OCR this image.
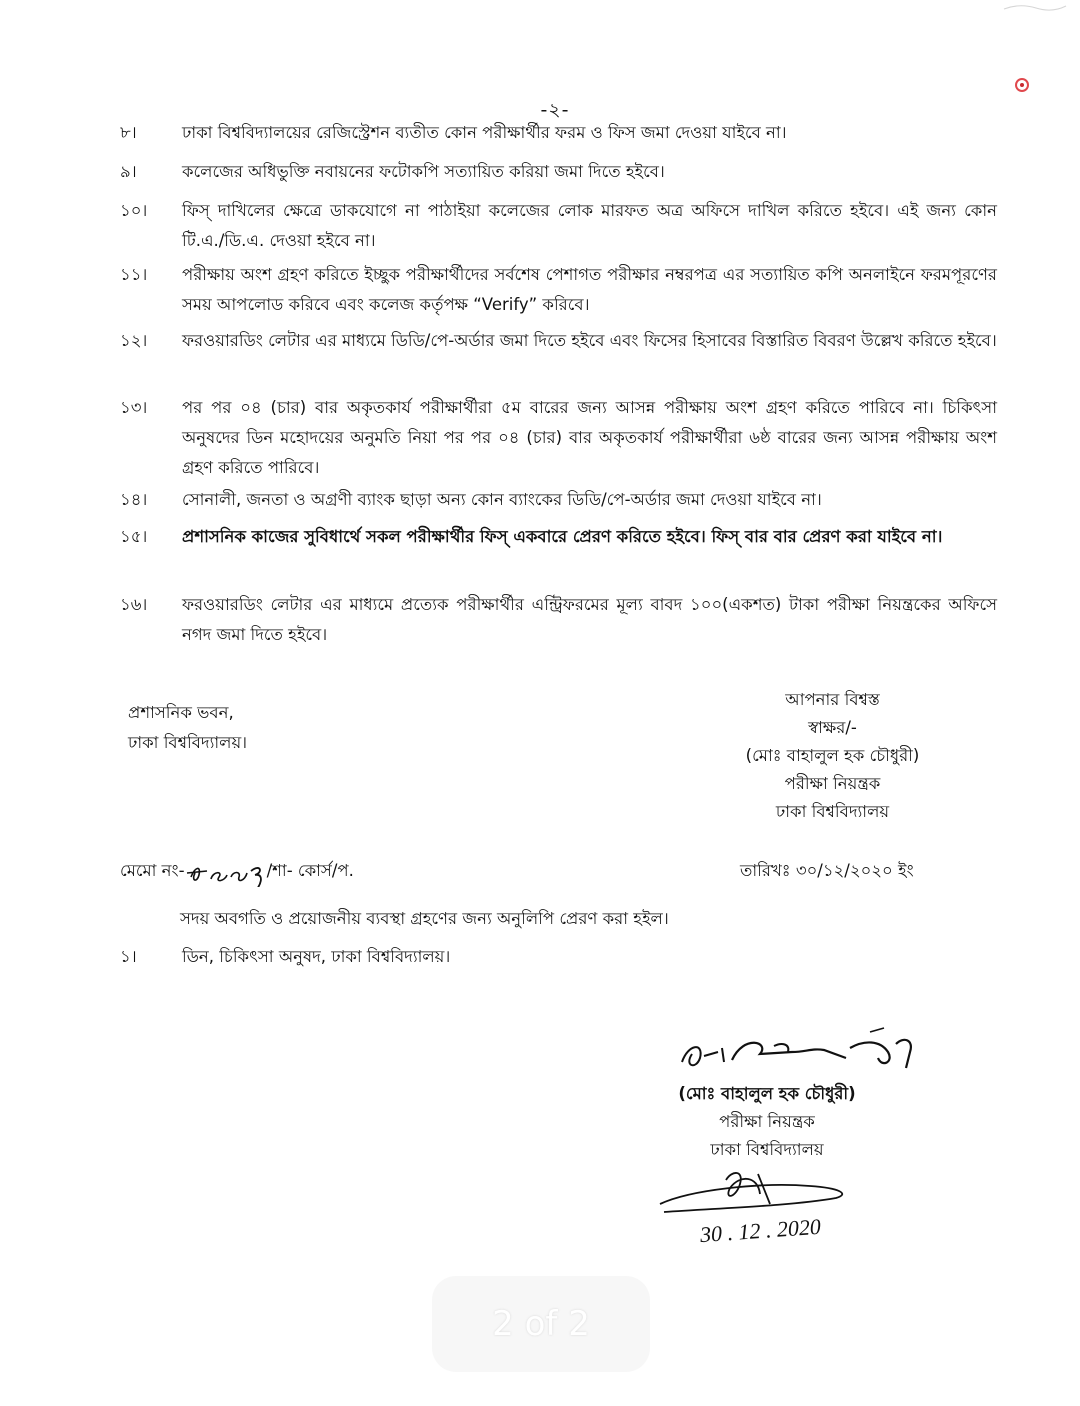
-২-
৮।	ঢাকা বিশ্ববিদ্যালয়ের রেজিস্ট্রেশন ব্যতীত কোন পরীক্ষার্থীর ফরম ও ফিস জমা দেওয়া যাইবে না।
৯।	কলেজের অধিভুক্তি নবায়নের ফটোকপি সত্যায়িত করিয়া জমা দিতে হইবে।
১০। ফিস্ দাখিলের ক্ষেত্রে ডাকযোগে না পাঠাইয়া কলেজের লোক মারফত অত্র অফিসে দাখিল করিতে হইবে। এই জন্য কোন টি.এ./ডি.এ. দেওয়া হইবে না।
১১। পরীক্ষায় অংশ গ্রহণ করিতে ইচ্ছুক পরীক্ষার্থীদের সর্বশেষ পেশাগত পরীক্ষার নম্বরপত্র এর সত্যায়িত কপি অনলাইনে ফরমপূরণের সময় আপলোড করিবে এবং কলেজ কর্তৃপক্ষ “Verify” করিবে।
১২। ফরওয়ারডিং লেটার এর মাধ্যমে ডিডি/পে-অর্ডার জমা দিতে হইবে এবং ফিসের হিসাবের বিস্তারিত বিবরণ উল্লেখ করিতে হইবে।
১৩। পর পর ০৪ (চার) বার অকৃতকার্য পরীক্ষার্থীরা ৫ম বারের জন্য আসন্ন পরীক্ষায় অংশ গ্রহণ করিতে পারিবে না। চিকিৎসা অনুষদের ডিন মহোদয়ের অনুমতি নিয়া পর পর ০৪ (চার) বার অকৃতকার্য পরীক্ষার্থীরা ৬ষ্ঠ বারের জন্য আসন্ন পরীক্ষায় অংশ গ্রহণ করিতে পারিবে।
১৪। সোনালী, জনতা ও অগ্রণী ব্যাংক ছাড়া অন্য কোন ব্যাংকের ডিডি/পে-অর্ডার জমা দেওয়া যাইবে না।
১৫। প্রশাসনিক কাজের সুবিধার্থে সকল পরীক্ষার্থীর ফিস্ একবারে প্রেরণ করিতে হইবে। ফিস্ বার বার প্রেরণ করা যাইবে না।
১৬। ফরওয়ারডিং লেটার এর মাধ্যমে প্রত্যেক পরীক্ষার্থীর এন্ট্রিফরমের মূল্য বাবদ ১০০(একশত) টাকা পরীক্ষা নিয়ন্ত্রকের অফিসে নগদ জমা দিতে হইবে।
প্রশাসনিক ভবন,
ঢাকা বিশ্ববিদ্যালয়।
আপনার বিশ্বস্ত
স্বাক্ষর/-
(মোঃ বাহালুল হক চৌধুরী)
পরীক্ষা নিয়ন্ত্রক
ঢাকা বিশ্ববিদ্যালয়
মেমো নং-	/শা- কোর্স/প.	তারিখঃ ৩০/১২/২০২০ ইং
সদয় অবগতি ও প্রয়োজনীয় ব্যবস্থা গ্রহণের জন্য অনুলিপি প্রেরণ করা হইল।
১।	ডিন, চিকিৎসা অনুষদ, ঢাকা বিশ্ববিদ্যালয়।
(মোঃ বাহালুল হক চৌধুরী)
পরীক্ষা নিয়ন্ত্রক
ঢাকা বিশ্ববিদ্যালয়
30 . 12 . 2020
2 of 2
